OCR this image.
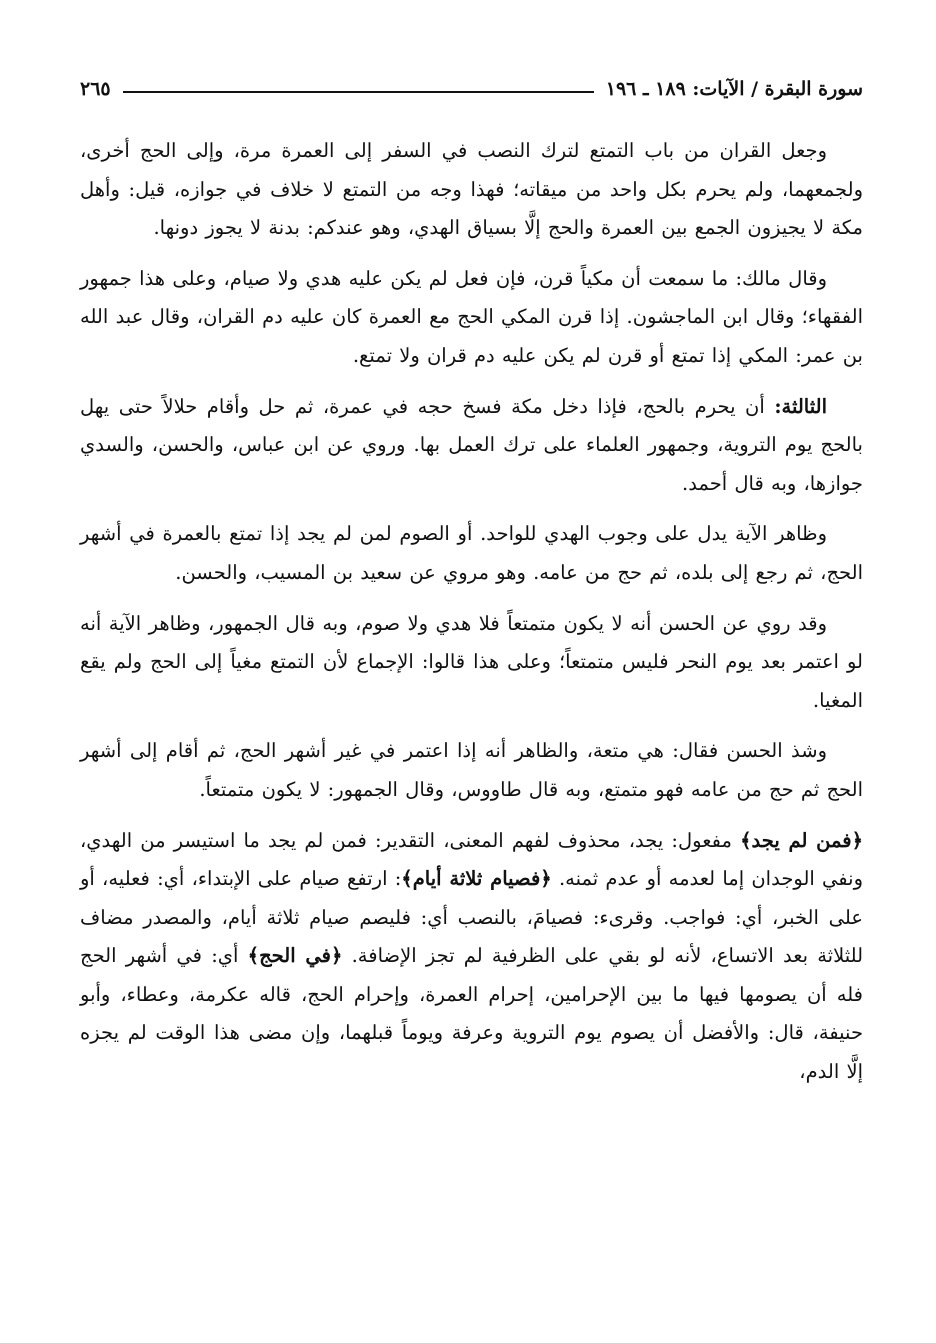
سورة البقرة / الآيات: ١٨٩ ـ ١٩٦
٢٦٥

وجعل القران من باب التمتع لترك النصب في السفر إلى العمرة مرة، وإلى الحج أخرى، ولجمعهما، ولم يحرم بكل واحد من ميقاته؛ فهذا وجه من التمتع لا خلاف في جوازه، قيل: وأهل مكة لا يجيزون الجمع بين العمرة والحج إلَّا بسياق الهدي، وهو عندكم: بدنة لا يجوز دونها.

وقال مالك: ما سمعت أن مكياً قرن، فإن فعل لم يكن عليه هدي ولا صيام، وعلى هذا جمهور الفقهاء؛ وقال ابن الماجشون. إذا قرن المكي الحج مع العمرة كان عليه دم القران، وقال عبد الله بن عمر: المكي إذا تمتع أو قرن لم يكن عليه دم قران ولا تمتع.

الثالثة: أن يحرم بالحج، فإذا دخل مكة فسخ حجه في عمرة، ثم حل وأقام حلالاً حتى يهل بالحج يوم التروية، وجمهور العلماء على ترك العمل بها. وروي عن ابن عباس، والحسن، والسدي جوازها، وبه قال أحمد.

وظاهر الآية يدل على وجوب الهدي للواحد. أو الصوم لمن لم يجد إذا تمتع بالعمرة في أشهر الحج، ثم رجع إلى بلده، ثم حج من عامه. وهو مروي عن سعيد بن المسيب، والحسن.

وقد روي عن الحسن أنه لا يكون متمتعاً فلا هدي ولا صوم، وبه قال الجمهور، وظاهر الآية أنه لو اعتمر بعد يوم النحر فليس متمتعاً؛ وعلى هذا قالوا: الإجماع لأن التمتع مغياً إلى الحج ولم يقع المغيا.

وشذ الحسن فقال: هي متعة، والظاهر أنه إذا اعتمر في غير أشهر الحج، ثم أقام إلى أشهر الحج ثم حج من عامه فهو متمتع، وبه قال طاووس، وقال الجمهور: لا يكون متمتعاً.

﴿فمن لم يجد﴾ مفعول: يجد، محذوف لفهم المعنى، التقدير: فمن لم يجد ما استيسر من الهدي، ونفي الوجدان إما لعدمه أو عدم ثمنه. ﴿فصيام ثلاثة أيام﴾: ارتفع صيام على الإبتداء، أي: فعليه، أو على الخبر، أي: فواجب. وقرىء: فصيامَ، بالنصب أي: فليصم صيام ثلاثة أيام، والمصدر مضاف للثلاثة بعد الاتساع، لأنه لو بقي على الظرفية لم تجز الإضافة. ﴿في الحج﴾ أي: في أشهر الحج فله أن يصومها فيها ما بين الإحرامين، إحرام العمرة، وإحرام الحج، قاله عكرمة، وعطاء، وأبو حنيفة، قال: والأفضل أن يصوم يوم التروية وعرفة ويوماً قبلهما، وإن مضى هذا الوقت لم يجزه إلَّا الدم،
